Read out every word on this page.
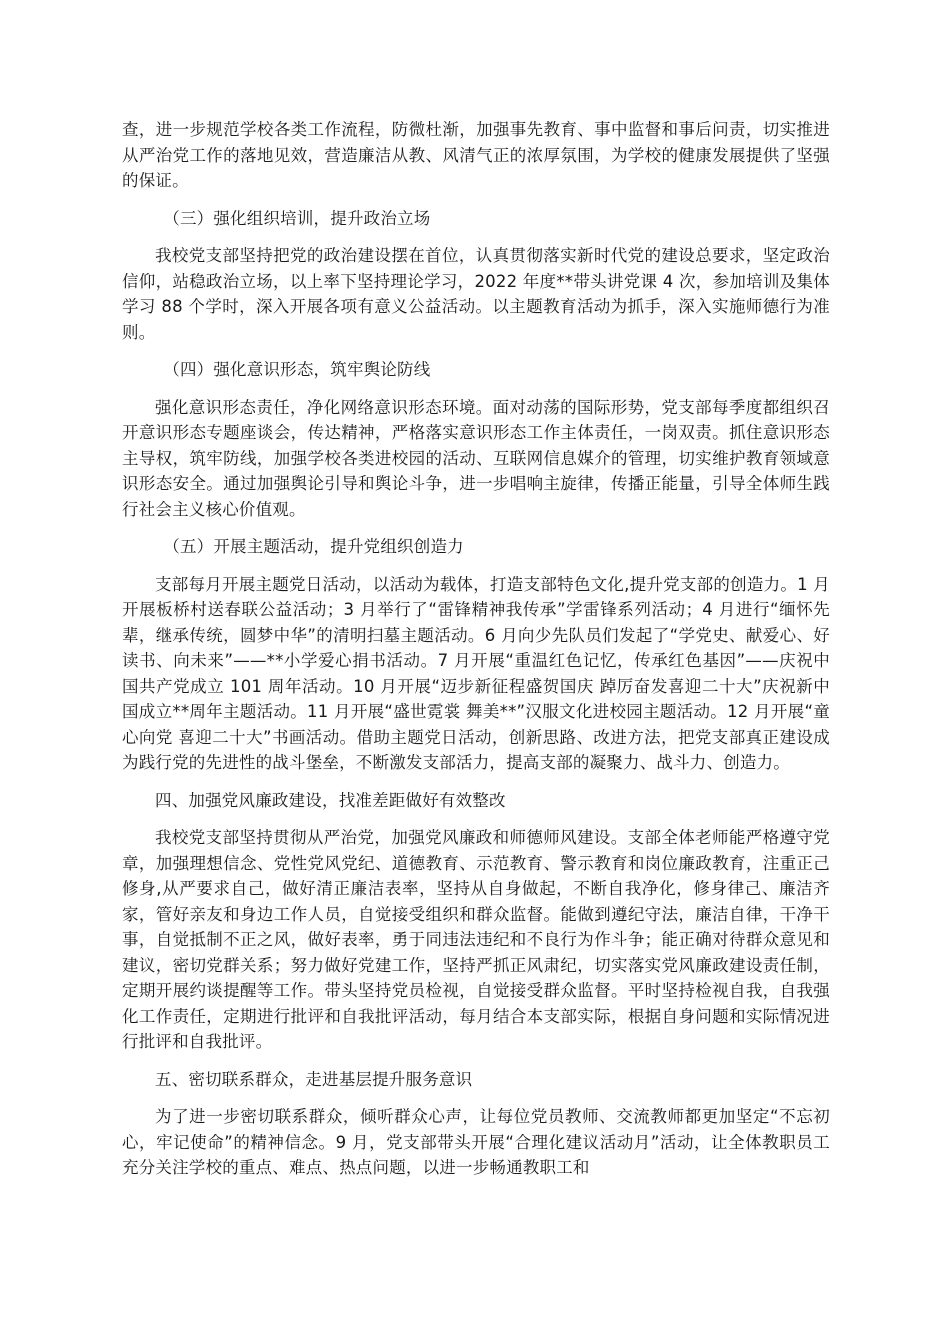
查，进一步规范学校各类工作流程，防微杜渐，加强事先教育、事中监督和事后问责，切实推进从严治党工作的落地见效，营造廉洁从教、风清气正的浓厚氛围，为学校的健康发展提供了坚强的保证。

（三）强化组织培训，提升政治立场

我校党支部坚持把党的政治建设摆在首位，认真贯彻落实新时代党的建设总要求，坚定政治信仰，站稳政治立场，以上率下坚持理论学习，2022 年度**带头讲党课 4 次，参加培训及集体学习 88 个学时，深入开展各项有意义公益活动。以主题教育活动为抓手，深入实施师德行为准则。

（四）强化意识形态，筑牢舆论防线

强化意识形态责任，净化网络意识形态环境。面对动荡的国际形势，党支部每季度都组织召开意识形态专题座谈会，传达精神，严格落实意识形态工作主体责任，一岗双责。抓住意识形态主导权，筑牢防线，加强学校各类进校园的活动、互联网信息媒介的管理，切实维护教育领域意识形态安全。通过加强舆论引导和舆论斗争，进一步唱响主旋律，传播正能量，引导全体师生践行社会主义核心价值观。

（五）开展主题活动，提升党组织创造力

支部每月开展主题党日活动，以活动为载体，打造支部特色文化,提升党支部的创造力。1 月开展板桥村送春联公益活动；3 月举行了“雷锋精神我传承”学雷锋系列活动；4 月进行“缅怀先辈，继承传统，圆梦中华”的清明扫墓主题活动。6 月向少先队员们发起了“学党史、献爱心、好读书、向未来”——**小学爱心捐书活动。7 月开展“重温红色记忆，传承红色基因”——庆祝中国共产党成立 101 周年活动。10 月开展“迈步新征程盛贺国庆 踔厉奋发喜迎二十大”庆祝新中国成立**周年主题活动。11 月开展“盛世霓裳 舞美**”汉服文化进校园主题活动。12 月开展“童心向党 喜迎二十大”书画活动。借助主题党日活动，创新思路、改进方法，把党支部真正建设成为践行党的先进性的战斗堡垒，不断激发支部活力，提高支部的凝聚力、战斗力、创造力。

四、加强党风廉政建设，找准差距做好有效整改

我校党支部坚持贯彻从严治党，加强党风廉政和师德师风建设。支部全体老师能严格遵守党章，加强理想信念、党性党风党纪、道德教育、示范教育、警示教育和岗位廉政教育，注重正己修身,从严要求自己，做好清正廉洁表率，坚持从自身做起，不断自我净化，修身律己、廉洁齐家，管好亲友和身边工作人员，自觉接受组织和群众监督。能做到遵纪守法，廉洁自律，干净干事，自觉抵制不正之风，做好表率，勇于同违法违纪和不良行为作斗争；能正确对待群众意见和建议，密切党群关系；努力做好党建工作，坚持严抓正风肃纪，切实落实党风廉政建设责任制，定期开展约谈提醒等工作。带头坚持党员检视，自觉接受群众监督。平时坚持检视自我，自我强化工作责任，定期进行批评和自我批评活动，每月结合本支部实际，根据自身问题和实际情况进行批评和自我批评。

五、密切联系群众，走进基层提升服务意识

为了进一步密切联系群众，倾听群众心声，让每位党员教师、交流教师都更加坚定“不忘初心，牢记使命”的精神信念。9 月，党支部带头开展“合理化建议活动月”活动，让全体教职员工充分关注学校的重点、难点、热点问题，以进一步畅通教职工和
